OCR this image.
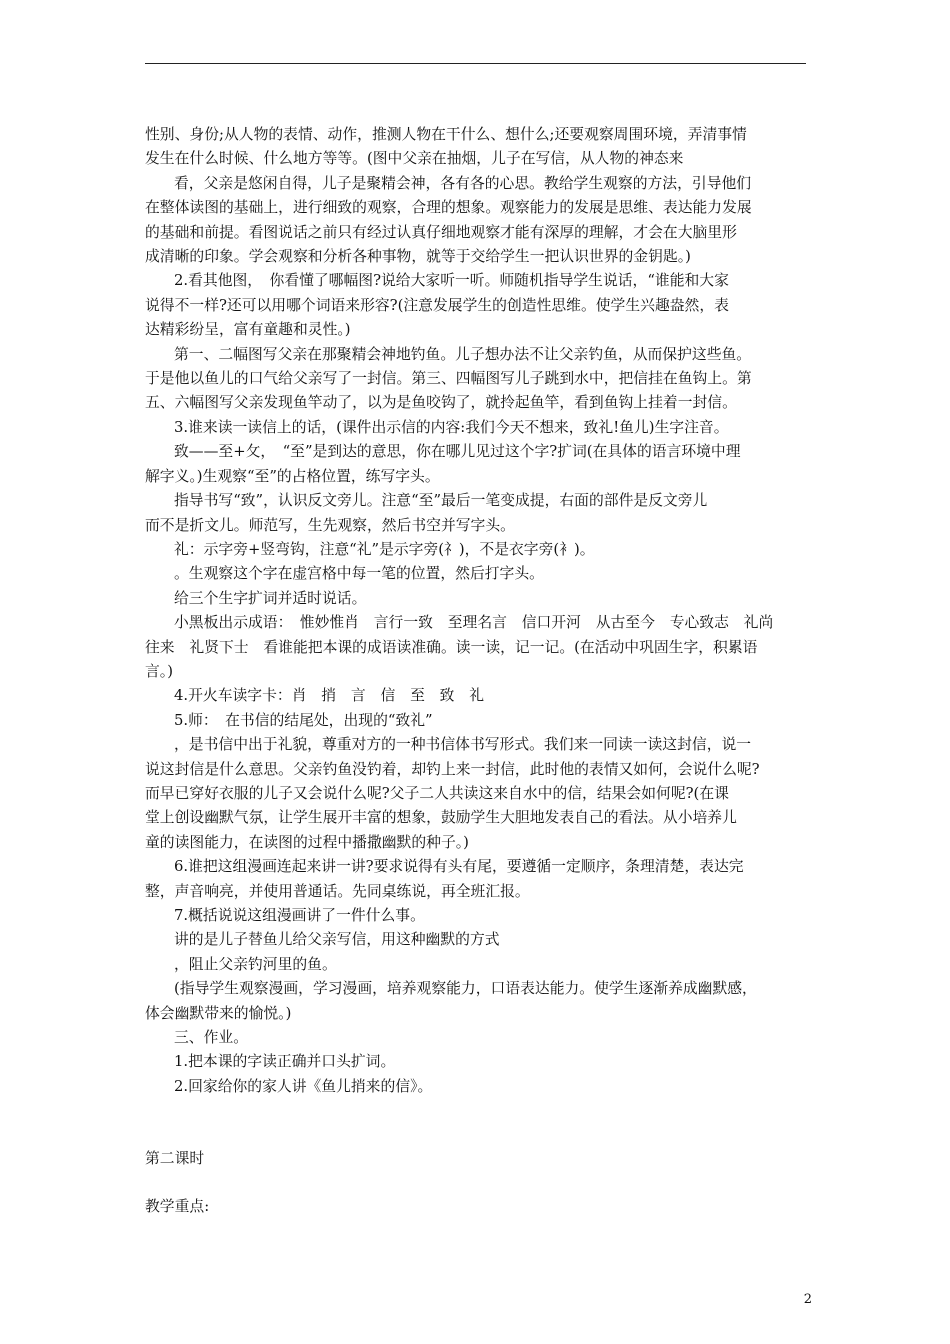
性别、身份;从人物的表情、动作，推测人物在干什么、想什么;还要观察周围环境，弄清事情

发生在什么时候、什么地方等等。(图中父亲在抽烟，儿子在写信，从人物的神态来

看，父亲是悠闲自得，儿子是聚精会神，各有各的心思。教给学生观察的方法，引导他们

在整体读图的基础上，进行细致的观察，合理的想象。观察能力的发展是思维、表达能力发展

的基础和前提。看图说话之前只有经过认真仔细地观察才能有深厚的理解，才会在大脑里形

成清晰的印象。学会观察和分析各种事物，就等于交给学生一把认识世界的金钥匙。)

2.看其他图，　你看懂了哪幅图?说给大家听一听。师随机指导学生说话，“谁能和大家

说得不一样?还可以用哪个词语来形容?(注意发展学生的创造性思维。使学生兴趣盎然，表

达精彩纷呈，富有童趣和灵性。)

第一、二幅图写父亲在那聚精会神地钓鱼。儿子想办法不让父亲钓鱼，从而保护这些鱼。

于是他以鱼儿的口气给父亲写了一封信。第三、四幅图写儿子跳到水中，把信挂在鱼钩上。第

五、六幅图写父亲发现鱼竿动了，以为是鱼咬钩了，就拎起鱼竿，看到鱼钩上挂着一封信。

3.谁来读一读信上的话，(课件出示信的内容:我们今天不想来，致礼!鱼儿)生字注音。

致——至+攵，　“至”是到达的意思，你在哪儿见过这个字?扩词(在具体的语言环境中理

解字义。)生观察“至”的占格位置，练写字头。

指导书写“致”，认识反文旁儿。注意“至”最后一笔变成提，右面的部件是反文旁儿

而不是折文儿。师范写，生先观察，然后书空并写字头。

礼：示字旁+竖弯钩，注意“礼”是示字旁(礻)，不是衣字旁(衤)。

。生观察这个字在虚宫格中每一笔的位置，然后打字头。

给三个生字扩词并适时说话。

小黑板出示成语：　惟妙惟肖　言行一致　至理名言　信口开河　从古至今　专心致志　礼尚

往来　礼贤下士　看谁能把本课的成语读准确。读一读，记一记。(在活动中巩固生字，积累语

言。)

4.开火车读字卡：肖　捎　言　信　至　致　礼

5.师：　在书信的结尾处，出现的“致礼”

，是书信中出于礼貌，尊重对方的一种书信体书写形式。我们来一同读一读这封信，说一

说这封信是什么意思。父亲钓鱼没钓着，却钓上来一封信，此时他的表情又如何，会说什么呢?

而早已穿好衣服的儿子又会说什么呢?父子二人共读这来自水中的信，结果会如何呢?(在课

堂上创设幽默气氛，让学生展开丰富的想象，鼓励学生大胆地发表自己的看法。从小培养儿

童的读图能力，在读图的过程中播撒幽默的种子。)

6.谁把这组漫画连起来讲一讲?要求说得有头有尾，要遵循一定顺序，条理清楚，表达完

整，声音响亮，并使用普通话。先同桌练说，再全班汇报。

7.概括说说这组漫画讲了一件什么事。

讲的是儿子替鱼儿给父亲写信，用这种幽默的方式

，阻止父亲钓河里的鱼。

(指导学生观察漫画，学习漫画，培养观察能力，口语表达能力。使学生逐渐养成幽默感，

体会幽默带来的愉悦。)

三、作业。

1.把本课的字读正确并口头扩词。

2.回家给你的家人讲《鱼儿捎来的信》。

第二课时
教学重点:
2
